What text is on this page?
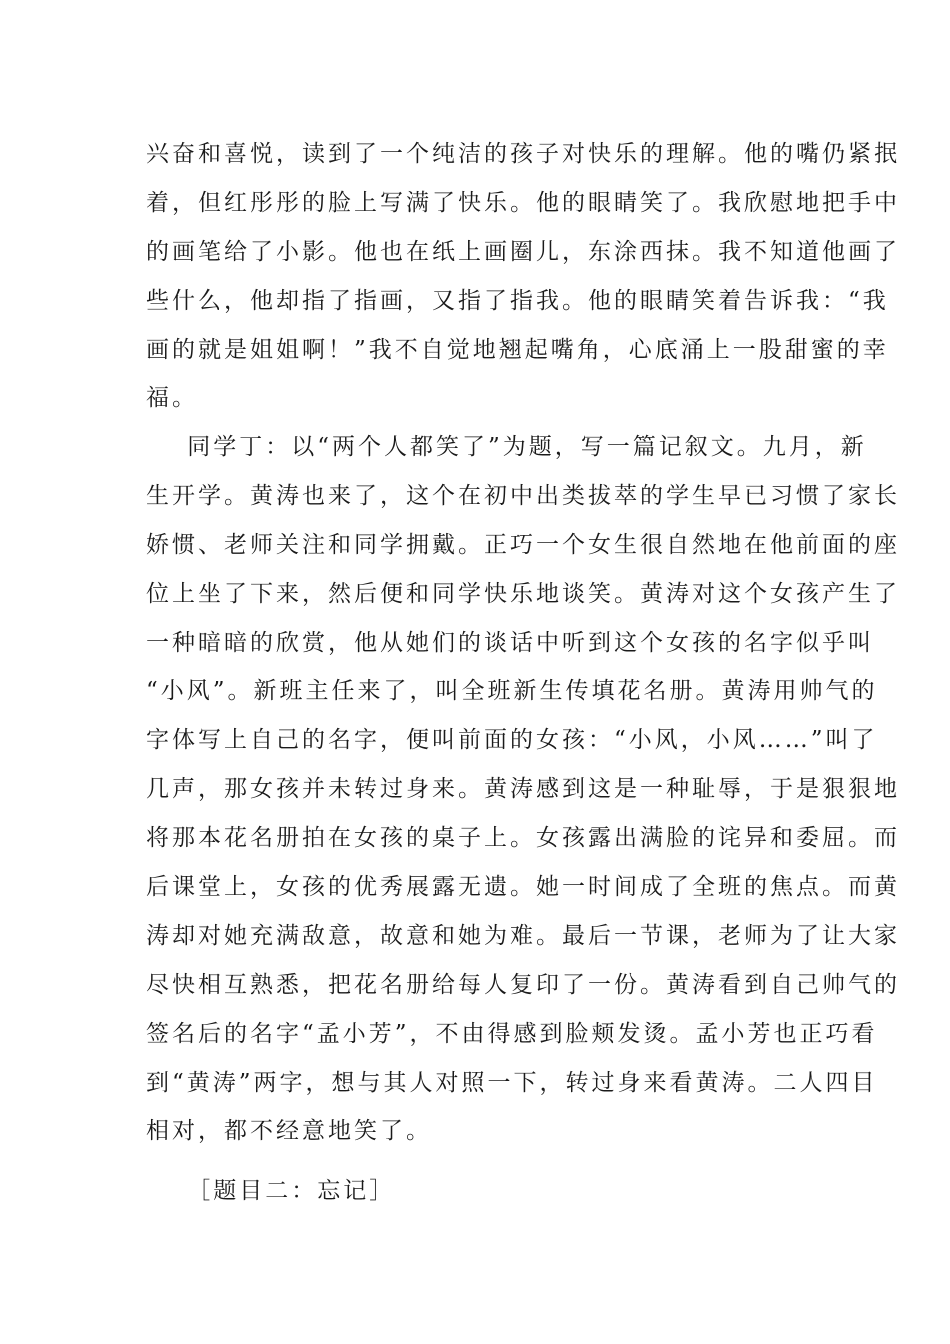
兴奋和喜悦，读到了一个纯洁的孩子对快乐的理解。他的嘴仍紧抿
着，但红彤彤的脸上写满了快乐。他的眼睛笑了。我欣慰地把手中
的画笔给了小影。他也在纸上画圈儿，东涂西抹。我不知道他画了
些什么，他却指了指画，又指了指我。他的眼睛笑着告诉我：“我
画的就是姐姐啊！”我不自觉地翘起嘴角，心底涌上一股甜蜜的幸
福。
同学丁：以“两个人都笑了”为题，写一篇记叙文。九月，新
生开学。黄涛也来了，这个在初中出类拔萃的学生早已习惯了家长
娇惯、老师关注和同学拥戴。正巧一个女生很自然地在他前面的座
位上坐了下来，然后便和同学快乐地谈笑。黄涛对这个女孩产生了
一种暗暗的欣赏，他从她们的谈话中听到这个女孩的名字似乎叫
“小风”。新班主任来了，叫全班新生传填花名册。黄涛用帅气的
字体写上自己的名字，便叫前面的女孩：“小风，小风……”叫了
几声，那女孩并未转过身来。黄涛感到这是一种耻辱，于是狠狠地
将那本花名册拍在女孩的桌子上。女孩露出满脸的诧异和委屈。而
后课堂上，女孩的优秀展露无遗。她一时间成了全班的焦点。而黄
涛却对她充满敌意，故意和她为难。最后一节课，老师为了让大家
尽快相互熟悉，把花名册给每人复印了一份。黄涛看到自己帅气的
签名后的名字“孟小芳”，不由得感到脸颊发烫。孟小芳也正巧看
到“黄涛”两字，想与其人对照一下，转过身来看黄涛。二人四目
相对，都不经意地笑了。
［题目二：忘记］
